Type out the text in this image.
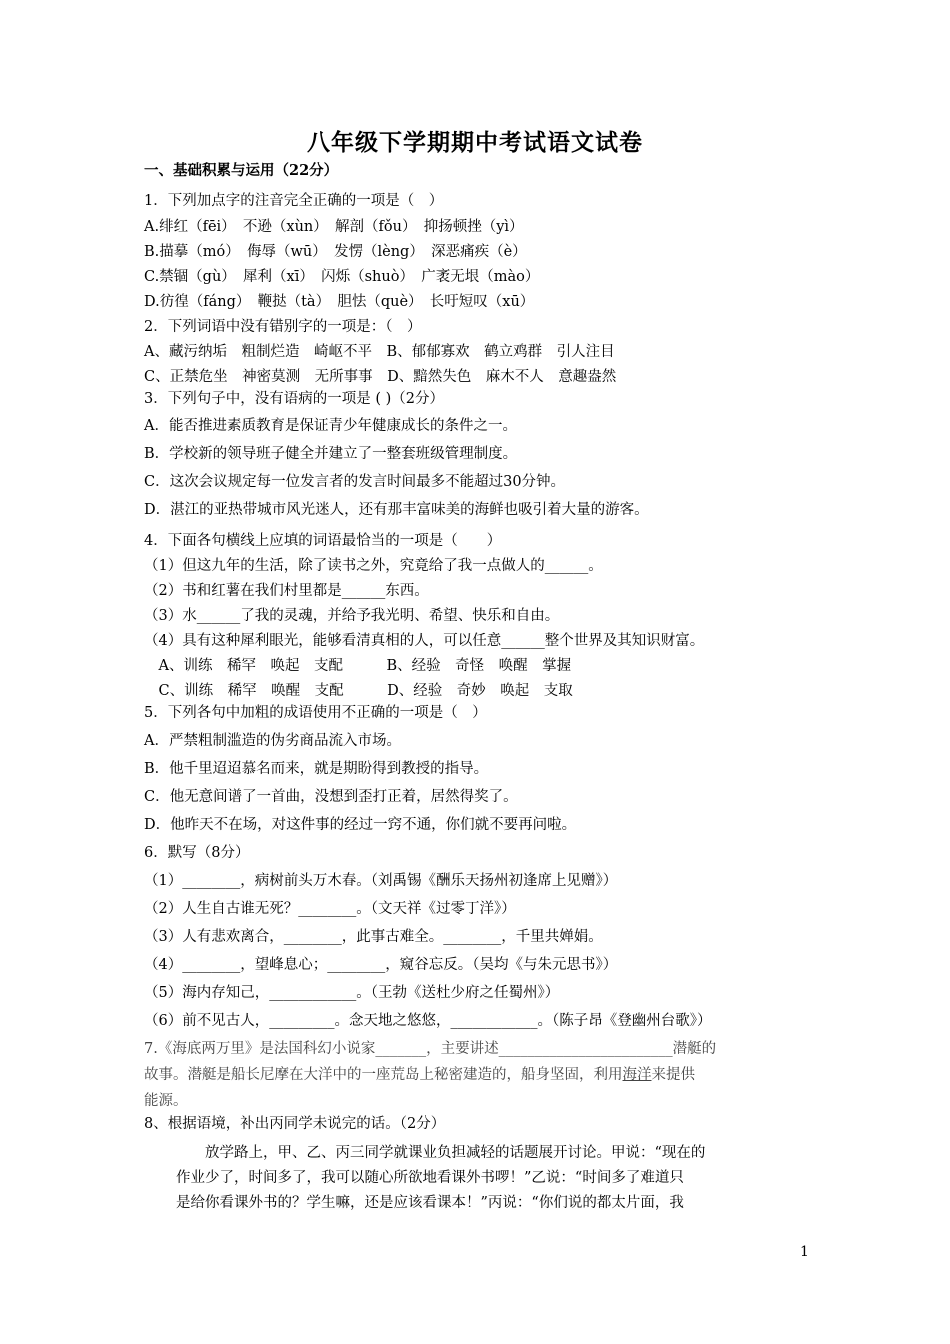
八年级下学期期中考试语文试卷
一、基础积累与运用（22分）
1．下列加点字的注音完全正确的一项是（　）
A.绯红（fēi）　不逊（xùn）　解剖（fǒu）　抑扬顿挫（yì）
B.描摹（mó）　侮辱（wū）　发愣（lèng）　深恶痛疾（è）
C.禁锢（gù）　犀利（xī）　闪烁（shuò）　广袤无垠（mào）
D.彷徨（fáng）　鞭挞（tà）　胆怯（què）　长吁短叹（xū）
2．下列词语中没有错别字的一项是：（　）
A、藏污纳垢　粗制烂造　崎岖不平　B、郁郁寡欢　鹤立鸡群　引人注目
C、正禁危坐　神密莫测　无所事事　D、黯然失色　麻木不人　意趣盎然
3．下列句子中，没有语病的一项是 ( )（2分）
A．能否推进素质教育是保证青少年健康成长的条件之一。
B．学校新的领导班子健全并建立了一整套班级管理制度。
C．这次会议规定每一位发言者的发言时间最多不能超过30分钟。
D．湛江的亚热带城市风光迷人，还有那丰富味美的海鲜也吸引着大量的游客。
4．下面各句横线上应填的词语最恰当的一项是（　　）
（1）但这九年的生活，除了读书之外，究竟给了我一点做人的______。
（2）书和红薯在我们村里都是______东西。
（3）水______了我的灵魂，并给予我光明、希望、快乐和自由。
（4）具有这种犀利眼光，能够看清真相的人，可以任意______整个世界及其知识财富。
　A、训练　稀罕　唤起　支配　　　B、经验　奇怪　唤醒　掌握
　C、训练　稀罕　唤醒　支配　　　D、经验　奇妙　唤起　支取
5．下列各句中加粗的成语使用不正确的一项是（　）
A．严禁粗制滥造的伪劣商品流入市场。
B．他千里迢迢慕名而来，就是期盼得到教授的指导。
C．他无意间谱了一首曲，没想到歪打正着，居然得奖了。
D．他昨天不在场，对这件事的经过一窍不通，你们就不要再问啦。
6．默写（8分）
（1）________，病树前头万木春。（刘禹锡《酬乐天扬州初逢席上见赠》）
（2）人生自古谁无死？________。（文天祥《过零丁洋》）
（3）人有悲欢离合，________，此事古难全。________，千里共婵娟。
（4）________，望峰息心；________，窥谷忘反。（吴均《与朱元思书》）
（5）海内存知己，____________。（王勃《送杜少府之任蜀州》）
（6）前不见古人，_________。念天地之悠悠，____________。（陈子昂《登幽州台歌》）
7.《海底两万里》是法国科幻小说家_______，主要讲述________________________潜艇的
故事。潜艇是船长尼摩在大洋中的一座荒岛上秘密建造的，船身坚固，利用海洋来提供
能源。
8、根据语境，补出丙同学未说完的话。（2分）
　　放学路上，甲、乙、丙三同学就课业负担减轻的话题展开讨论。甲说：“现在的
作业少了，时间多了，我可以随心所欲地看课外书啰！”乙说：“时间多了难道只
是给你看课外书的？学生嘛，还是应该看课本！”丙说：“你们说的都太片面，我
1
